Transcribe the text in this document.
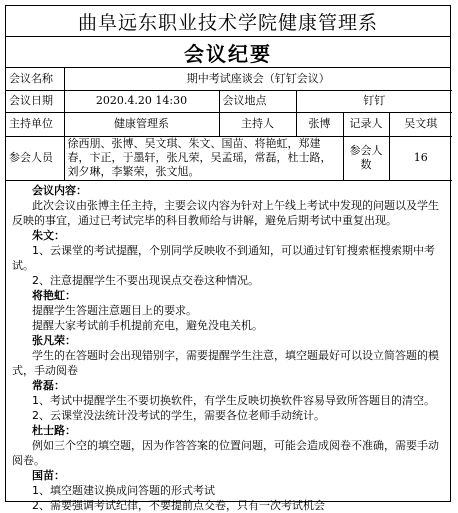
曲阜远东职业技术学院健康管理系
会议纪要
会议名称	期中考试座谈会（钉钉会议）				
会议日期	2020.4.20 14:30	会议地点	钉钉		
主持单位	健康管理系	主持人	张博	记录人	吴文琪
参会人员	徐西朋、张博、吴文琪、朱文、国苗、将艳虹，郑建春，卞正，于墨轩，张凡荣，吴孟瑶，常磊，杜士路，刘夕琳，李繁荣，张文旭。			参会人数	16

会议内容：

此次会议由张博主任主持，主要会议内容为针对上午线上考试中发现的问题以及学生反映的事宜，通过已考试完毕的科目教师给与讲解，避免后期考试中重复出现。

朱文：

1、云课堂的考试提醒，个别同学反映收不到通知，可以通过钉钉搜索框搜索期中考试。

2、注意提醒学生不要出现误点交卷这种情况。

将艳虹：

提醒学生答题注意题目上的要求。

提醒大家考试前手机提前充电，避免没电关机。

张凡荣：

学生的在答题时会出现错别字，需要提醒学生注意，填空题最好可以设立简答题的模式，手动阅卷

常磊：

1、考试中提醒学生不要切换软件，有学生反映切换软件容易导致所答题目的清空。

2、云课堂没法统计没考试的学生，需要各位老师手动统计。

杜士路：

例如三个空的填空题，因为作答答案的位置问题，可能会造成阅卷不准确，需要手动阅卷。

国苗：

1、填空题建议换成问答题的形式考试

2、需要强调考试纪律，不要提前点交卷，只有一次考试机会
